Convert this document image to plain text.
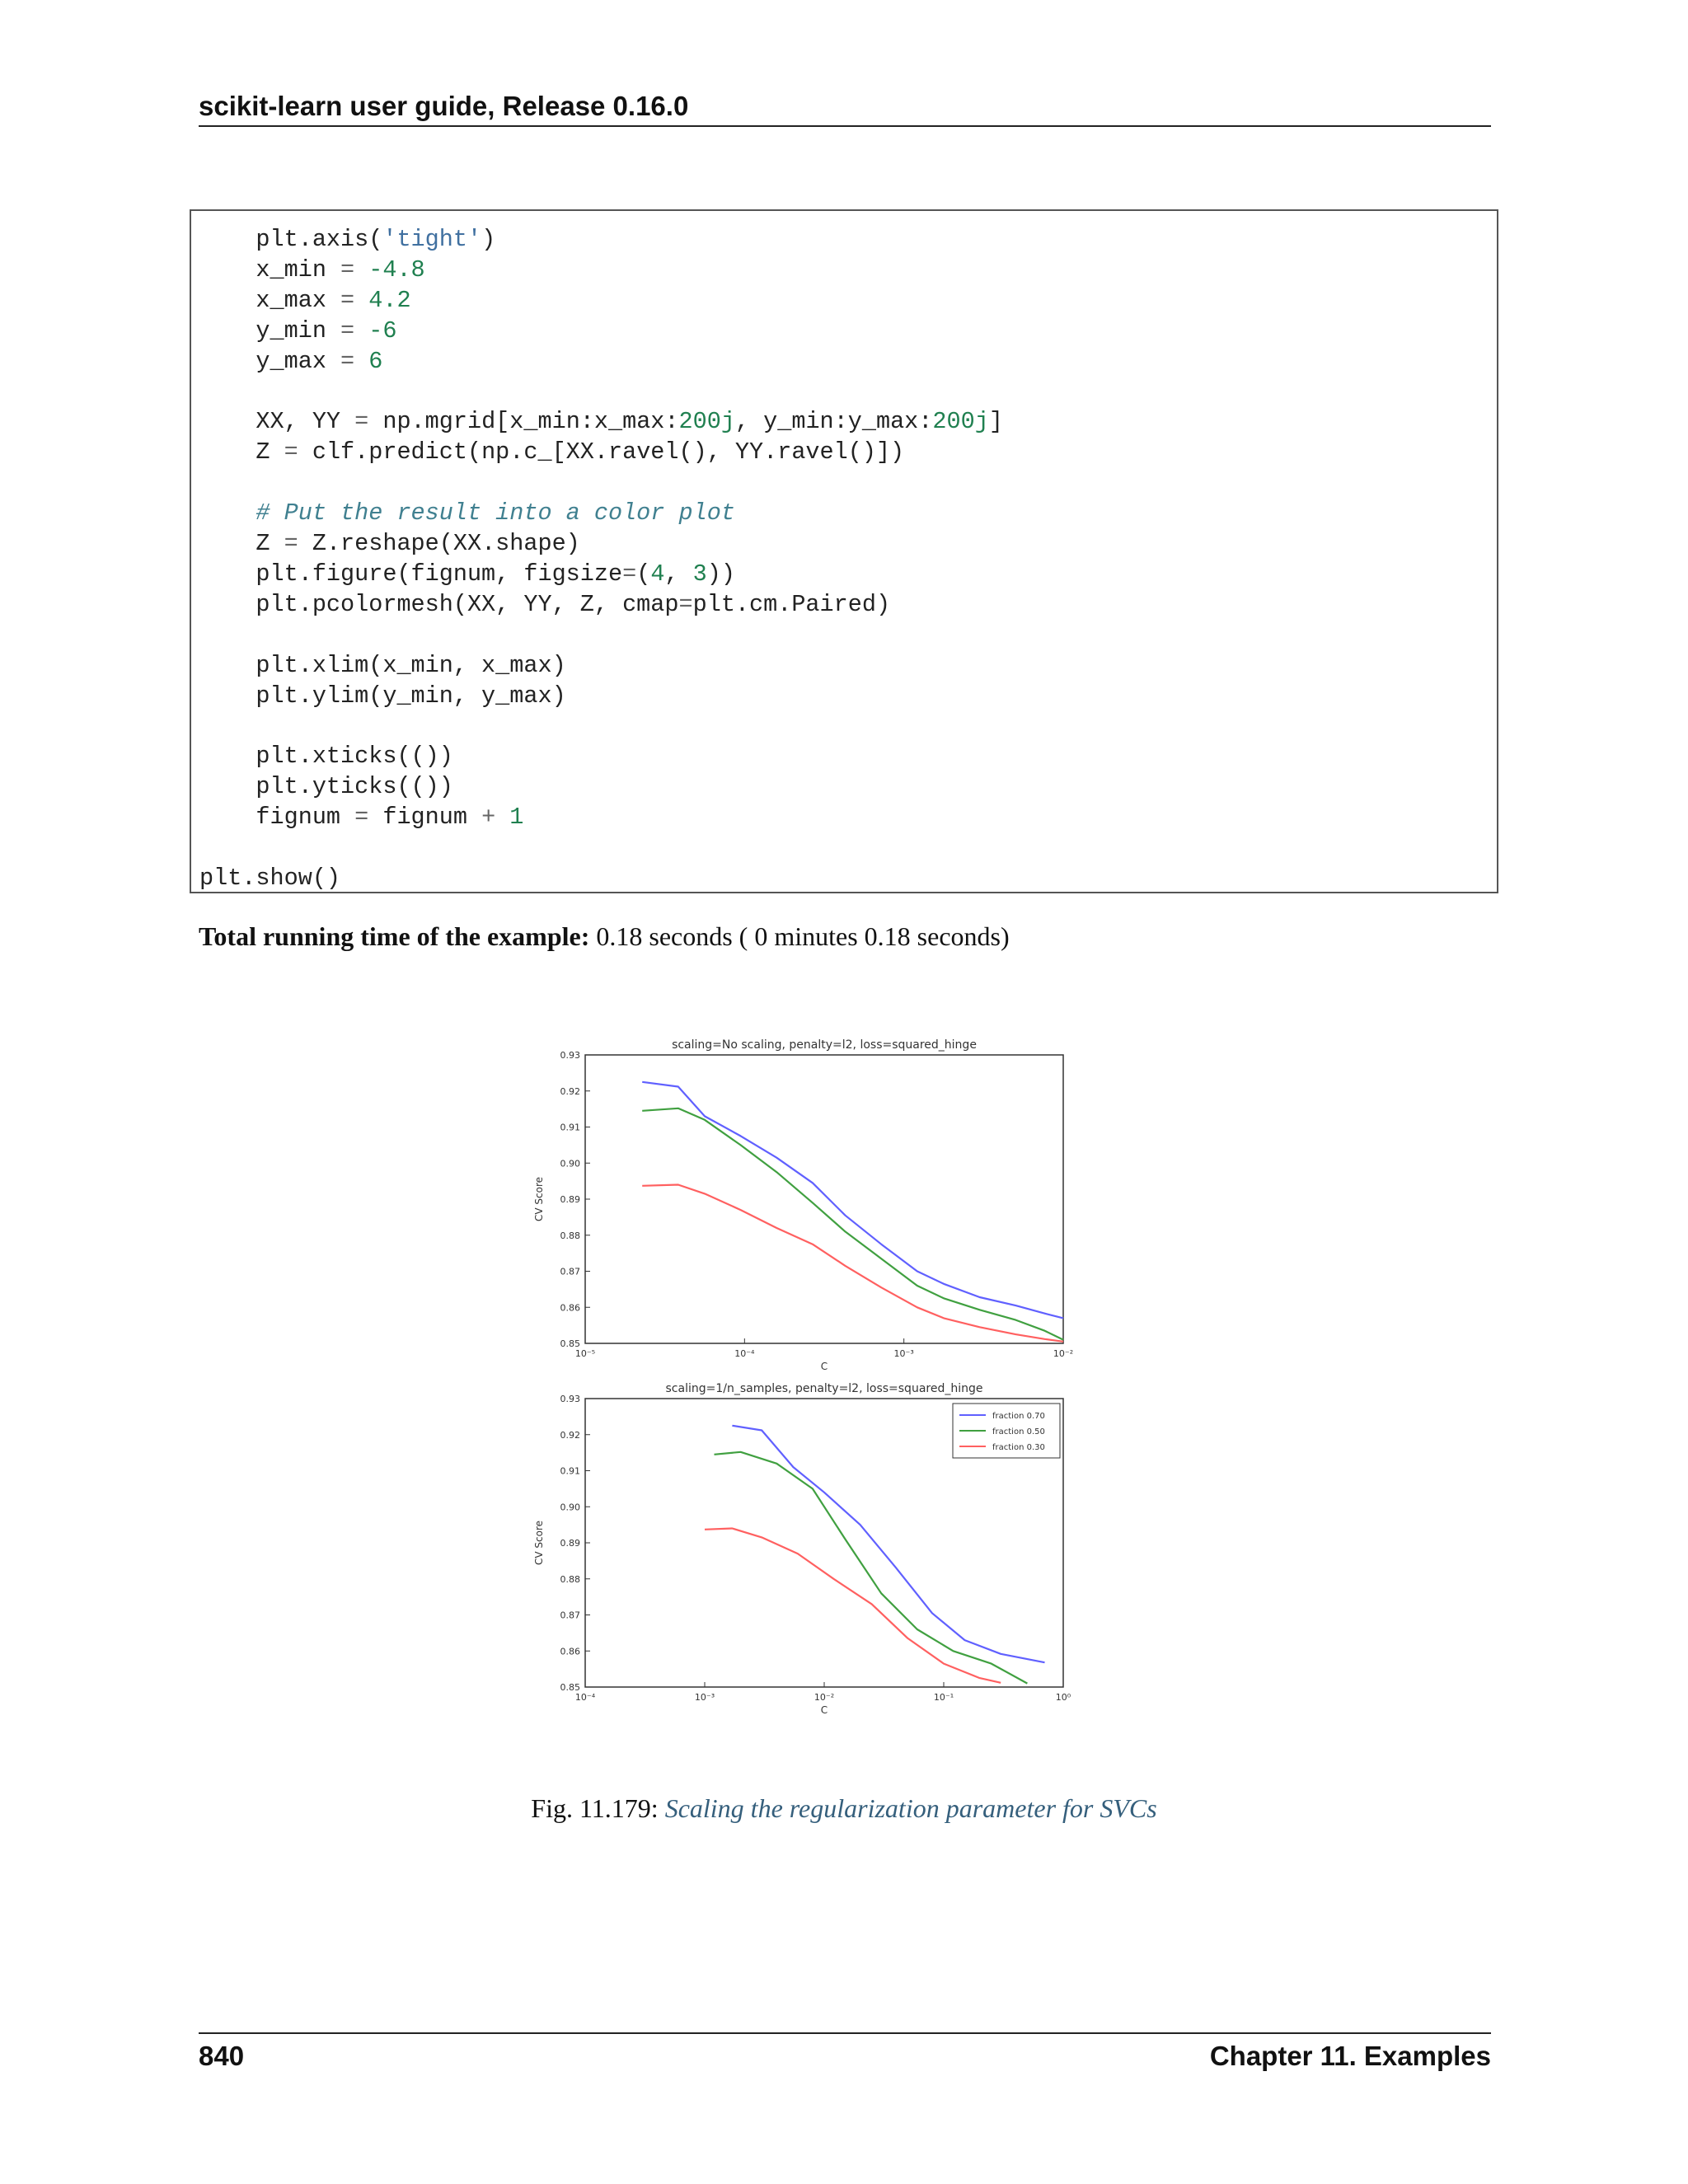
scikit-learn user guide, Release 0.16.0
plt.axis('tight')
x_min = -4.8
x_max = 4.2
y_min = -6
y_max = 6

XX, YY = np.mgrid[x_min:x_max:200j, y_min:y_max:200j]
Z = clf.predict(np.c_[XX.ravel(), YY.ravel()])

# Put the result into a color plot
Z = Z.reshape(XX.shape)
plt.figure(fignum, figsize=(4, 3))
plt.pcolormesh(XX, YY, Z, cmap=plt.cm.Paired)

plt.xlim(x_min, x_max)
plt.ylim(y_min, y_max)

plt.xticks(())
plt.yticks(())
fignum = fignum + 1

plt.show()

Total running time of the example: 0.18 seconds ( 0 minutes 0.18 seconds)
scaling=No scaling, penalty=l2, loss=squared_hinge
0.85
0.86
0.87
0.88
0.89
0.90
0.91
0.92
0.93
10⁻⁵	10⁻⁴	10⁻³	10⁻²
C
CV Score
scaling=1/n_samples, penalty=l2, loss=squared_hinge
0.85
0.86
0.87
0.88
0.89
0.90
0.91
0.92
0.93
10⁻⁴	10⁻³	10⁻²	10⁻¹	10⁰
C
CV Score
fraction 0.70
fraction 0.50
fraction 0.30
Fig. 11.179: Scaling the regularization parameter for SVCs
840	Chapter 11. Examples
